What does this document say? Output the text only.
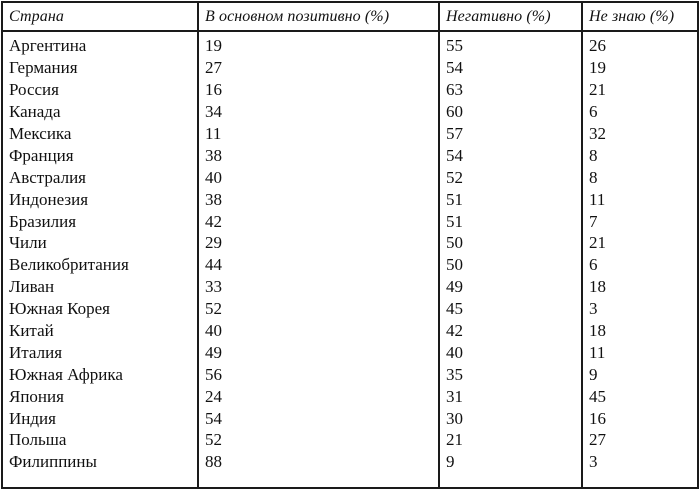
Страна	В основном позитивно (%)	Негативно (%)	Не знаю (%)
Аргентина	19	55	26
Германия	27	54	19
Россия	16	63	21
Канада	34	60	6
Мексика	11	57	32
Франция	38	54	8
Австралия	40	52	8
Индонезия	38	51	11
Бразилия	42	51	7
Чили	29	50	21
Великобритания	44	50	6
Ливан	33	49	18
Южная Корея	52	45	3
Китай	40	42	18
Италия	49	40	11
Южная Африка	56	35	9
Япония	24	31	45
Индия	54	30	16
Польша	52	21	27
Филиппины	88	9	3
